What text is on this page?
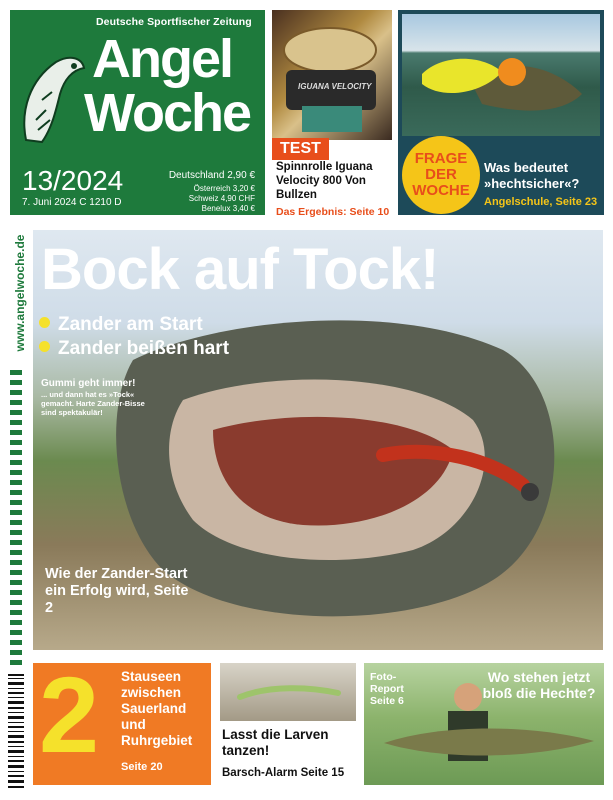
Deutsche Sportfischer Zeitung
Angel
Woche
13/2024
7. Juni 2024 C 1210 D
Deutschland 2,90 €
Österreich 3,20 €
Schweiz 4,90 CHF
Benelux 3,40 €
IGUANA VELOCITY
TEST
Spinnrolle Iguana Velocity 800 Von Bullzen
Das Ergebnis: Seite 10
FRAGE
DER
WOCHE
Was bedeutet »hechtsicher«?
Angelschule, Seite 23
www.angelwoche.de Bock auf Tock!
Zander am Start
Zander beißen hart
Gummi geht immer!
... und dann hat es »Tock« gemacht. Harte Zander-Bisse sind spektakulär!
Wie der Zander-Start ein Erfolg wird, Seite 2
2 Stauseen zwischen Sauerland und Ruhrgebiet
Seite 20
Lasst die Larven tanzen!
Barsch-Alarm Seite 15
Foto-Report Seite 6
Wo stehen jetzt bloß die Hechte?
